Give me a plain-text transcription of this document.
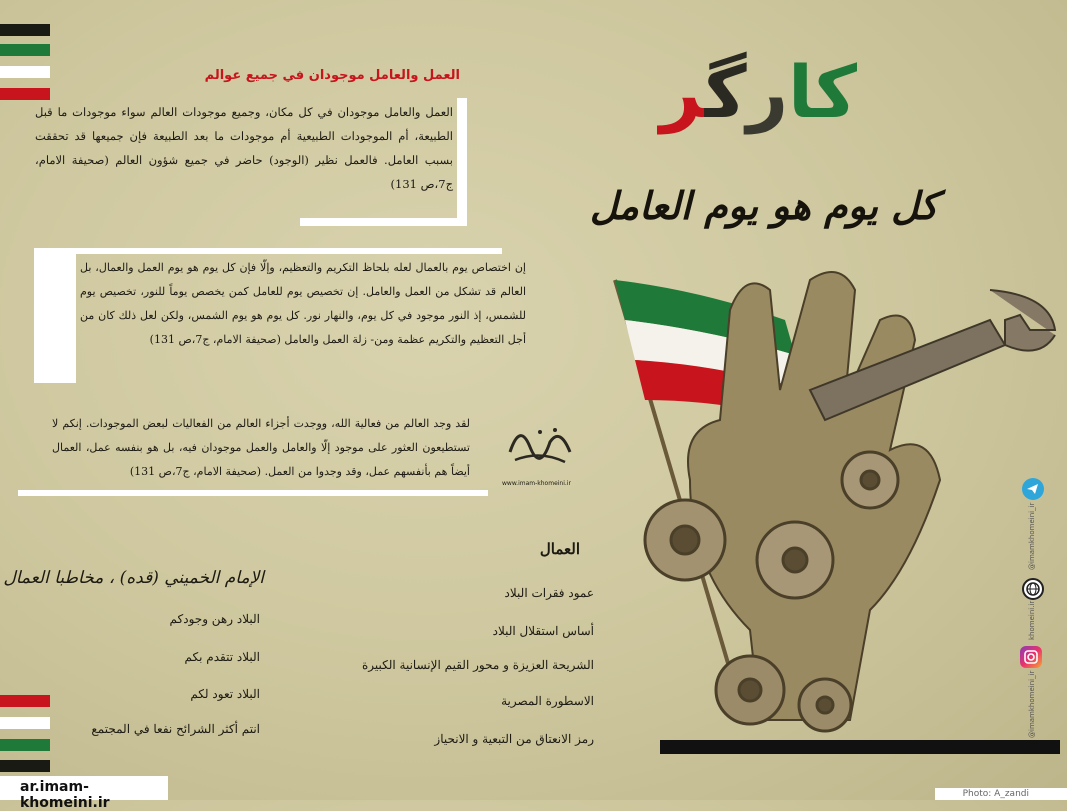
کارگر
كل يوم هو يوم العامل
العمل والعامل موجودان في جميع عوالم
العمل والعامل موجودان في كل مكان، وجميع موجودات العالم سواء موجودات ما قبل الطبيعة، أم الموجودات الطبيعية أم موجودات ما بعد الطبيعة فإن جميعها قد تحققت بسبب العامل. فالعمل نظير (الوجود) حاضر في جميع شؤون العالم (صحيفة الامام، ج7،ص 131)
إن اختصاص يوم بالعمال لعله بلحاظ التكريم والتعظيم، وإلّا فإن كل يوم هو يوم العمل والعمال، بل العالم قد تشكل من العمل والعامل. إن تخصيص يوم للعامل كمن يخصص يوماً للنور، تخصيص يوم للشمس، إذ النور موجود في كل يوم، والنهار نور. كل يوم هو يوم الشمس، ولكن لعل ذلك كان من أجل التعظيم والتكريم عظمة ومن- زلة العمل والعامل (صحيفة الامام، ج7،ص 131)
لقد وجد العالم من فعالية الله، ووجدت أجزاء العالم من الفعاليات لبعض الموجودات. إنكم لا تستطيعون العثور على موجود إلّا والعامل والعمل موجودان فيه، بل هو بنفسه عمل، العمال أيضاً هم بأنفسهم عمل، وقد وجدوا من العمل. (صحيفة الامام، ج7،ص 131)
www.imam-khomeini.ir
العمال
عمود فقرات البلاد
أساس استقلال البلاد
الشريحة العزيزة و محور القيم الإنسانية الكبيرة
الاسطورة المصرية
رمز الانعتاق من التبعية و الانحياز
الإمام الخميني (قده) ، مخاطبا العمال
البلاد رهن وجودكم
البلاد تتقدم بكم
البلاد تعود لكم
انتم أكثر الشرائح نفعا في المجتمع
@imamkhomeini_ir
khomeini.ir
@imamkhomeini_ir
ar.imam-khomeini.ir
Photo: A_zandi
